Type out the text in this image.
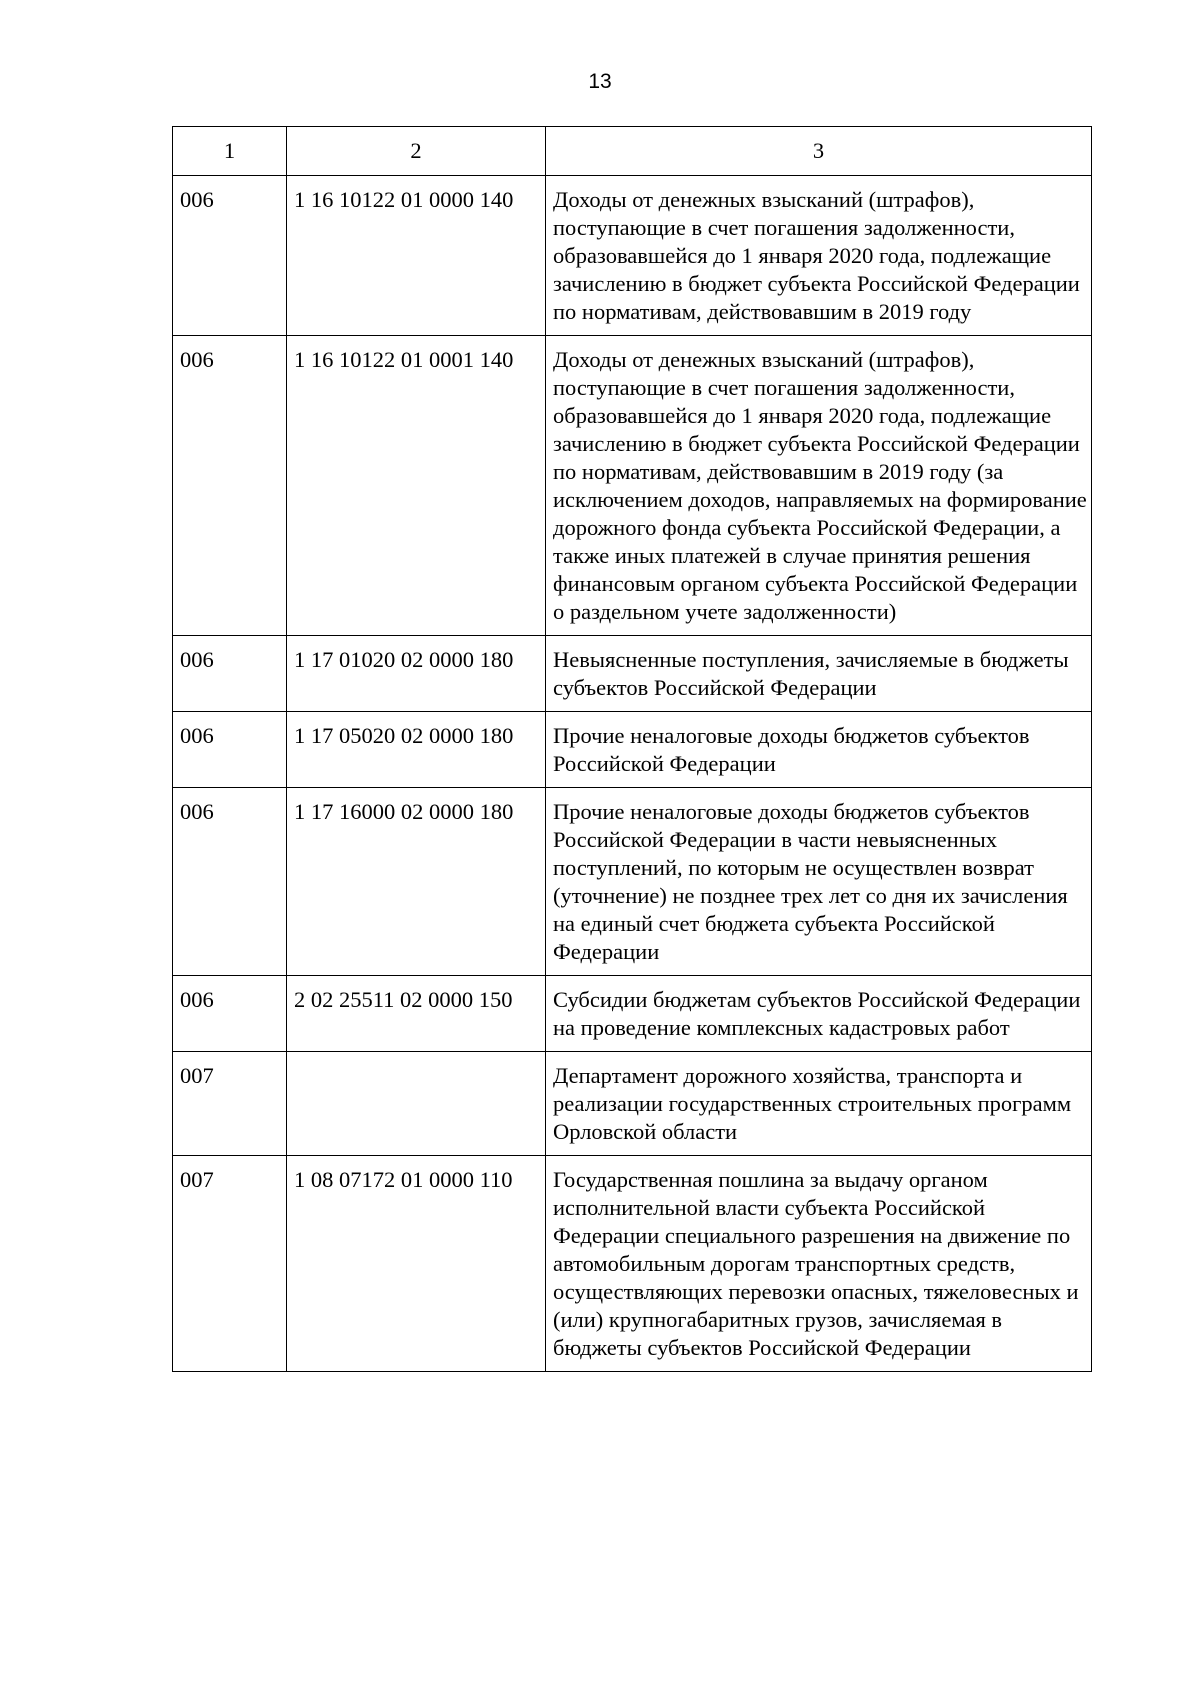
13
1	2	3
006	1 16 10122 01 0000 140	Доходы от денежных взысканий (штрафов), поступающие в счет погашения задолженности, образовавшейся до 1 января 2020 года, подлежащие зачислению в бюджет субъекта Российской Федерации по нормативам, действовавшим в 2019 году
006	1 16 10122 01 0001 140	Доходы от денежных взысканий (штрафов), поступающие в счет погашения задолженности, образовавшейся до 1 января 2020 года, подлежащие зачислению в бюджет субъекта Российской Федерации по нормативам, действовавшим в 2019 году (за исключением доходов, направляемых на формирование дорожного фонда субъекта Российской Федерации, а также иных платежей в случае принятия решения финансовым органом субъекта Российской Федерации о раздельном учете задолженности)
006	1 17 01020 02 0000 180	Невыясненные поступления, зачисляемые в бюджеты субъектов Российской Федерации
006	1 17 05020 02 0000 180	Прочие неналоговые доходы бюджетов субъектов Российской Федерации
006	1 17 16000 02 0000 180	Прочие неналоговые доходы бюджетов субъектов Российской Федерации в части невыясненных поступлений, по которым не осуществлен возврат (уточнение) не позднее трех лет со дня их зачисления на единый счет бюджета субъекта Российской Федерации
006	2 02 25511 02 0000 150	Субсидии бюджетам субъектов Российской Федерации на проведение комплексных кадастровых работ
007		Департамент дорожного хозяйства, транспорта и реализации государственных строительных программ Орловской области
007	1 08 07172 01 0000 110	Государственная пошлина за выдачу органом исполнительной власти субъекта Российской Федерации специального разрешения на движение по автомобильным дорогам транспортных средств, осуществляющих перевозки опасных, тяжеловесных и (или) крупногабаритных грузов, зачисляемая в бюджеты субъектов Российской Федерации
